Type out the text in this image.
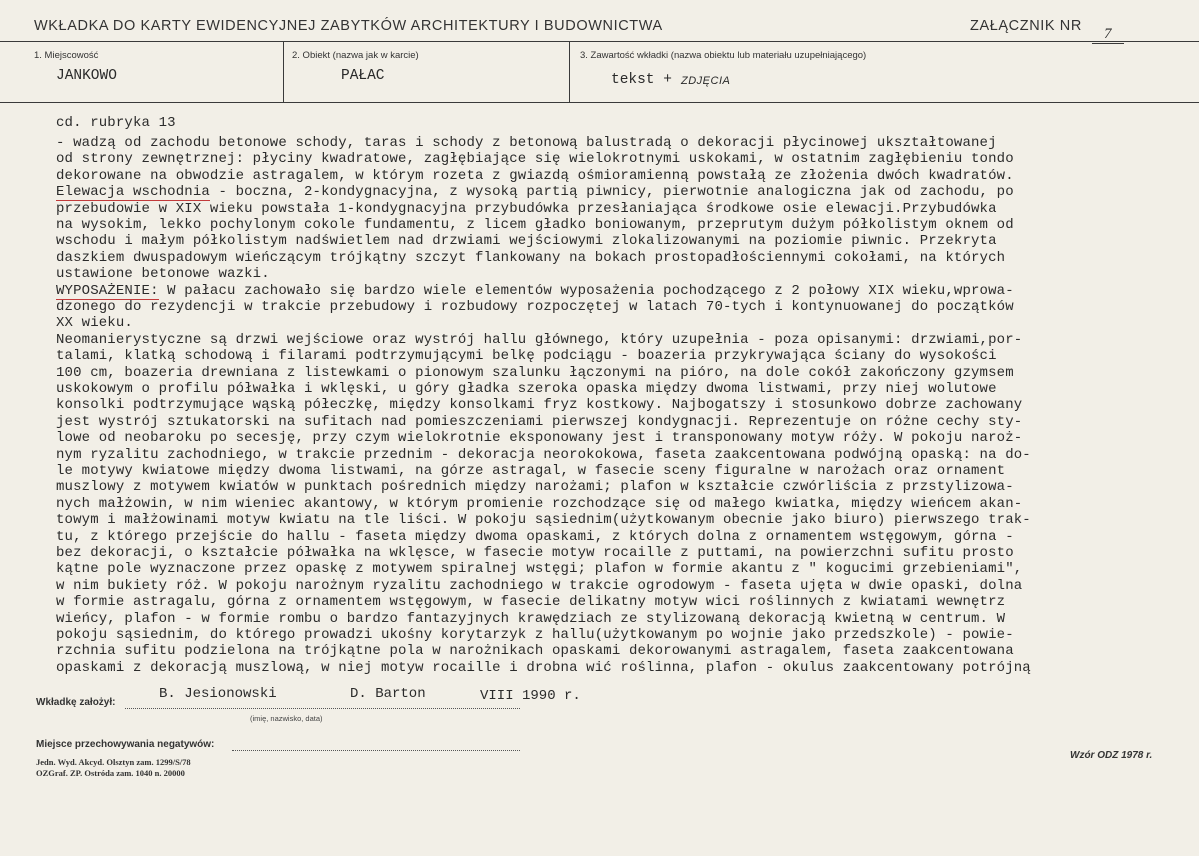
WKŁADKA DO KARTY EWIDENCYJNEJ ZABYTKÓW ARCHITEKTURY I BUDOWNICTWA	ZAŁĄCZNIK NR 7
1. Miejscowość
JANKOWO
2. Obiekt (nazwa jak w karcie)
PAŁAC
3. Zawartość wkładki (nazwa obiektu lub materiału uzupełniającego)
tekst + ZDJĘCIA
cd. rubryka 13
- wadzą od zachodu betonowe schody, taras i schody z betonową balustradą o dekoracji płycinowej ukształtowanej
od strony zewnętrznej: płyciny kwadratowe, zagłębiające się wielokrotnymi uskokami, w ostatnim zagłębieniu tondo
dekorowane na obwodzie astragalem, w którym rozeta z gwiazdą ośmioramienną powstałą ze złożenia dwóch kwadratów.
Elewacja wschodnia - boczna, 2-kondygnacyjna, z wysoką partią piwnicy, pierwotnie analogiczna jak od zachodu, po
przebudowie w XIX wieku powstała 1-kondygnacyjna przybudówka przesłaniająca środkowe osie elewacji.Przybudówka
na wysokim, lekko pochylonym cokole fundamentu, z licem gładko boniowanym, przeprutym dużym półkolistym oknem od
wschodu i małym półkolistym nadświetlem nad drzwiami wejściowymi zlokalizowanymi na poziomie piwnic. Przekryta
daszkiem dwuspadowym wieńczącym trójkątny szczyt flankowany na bokach prostopadłościennymi cokołami, na których
ustawione betonowe wazki.
WYPOSAŻENIE: W pałacu zachowało się bardzo wiele elementów wyposażenia pochodzącego z 2 połowy XIX wieku,wprowa-
dzonego do rezydencji w trakcie przebudowy i rozbudowy rozpoczętej w latach 70-tych i kontynuowanej do początków
XX wieku.
Neomanierystyczne są drzwi wejściowe oraz wystrój hallu głównego, który uzupełnia - poza opisanymi: drzwiami,por-
talami, klatką schodową i filarami podtrzymującymi belkę podciągu - boazeria przykrywająca ściany do wysokości
100 cm, boazeria drewniana z listewkami o pionowym szalunku łączonymi na pióro, na dole cokół zakończony gzymsem
uskokowym o profilu półwałka i wklęski, u góry gładka szeroka opaska między dwoma listwami, przy niej wolutowe
konsolki podtrzymujące wąską półeczkę, między konsolkami fryz kostkowy. Najbogatszy i stosunkowo dobrze zachowany
jest wystrój sztukatorski na sufitach nad pomieszczeniami pierwszej kondygnacji. Reprezentuje on różne cechy sty-
lowe od neobaroku po secesję, przy czym wielokrotnie eksponowany jest i transponowany motyw róży. W pokoju naroż-
nym ryzalitu zachodniego, w trakcie przednim - dekoracja neorokokowa, faseta zaakcentowana podwójną opaską: na do-
le motywy kwiatowe między dwoma listwami, na górze astragal, w fasecie sceny figuralne w narożach oraz ornament
muszlowy z motywem kwiatów w punktach pośrednich między narożami; plafon w kształcie czwórliścia z przstylizowa-
nych małżowin, w nim wieniec akantowy, w którym promienie rozchodzące się od małego kwiatka, między wieńcem akan-
towym i małżowinami motyw kwiatu na tle liści. W pokoju sąsiednim(użytkowanym obecnie jako biuro) pierwszego trak-
tu, z którego przejście do hallu - faseta między dwoma opaskami, z których dolna z ornamentem wstęgowym, górna -
bez dekoracji, o kształcie półwałka na wklęsce, w fasecie motyw rocaille z puttami, na powierzchni sufitu prosto
kątne pole wyznaczone przez opaskę z motywem spiralnej wstęgi; plafon w formie akantu z " kogucimi grzebieniami",
w nim bukiety róż. W pokoju narożnym ryzalitu zachodniego w trakcie ogrodowym - faseta ujęta w dwie opaski, dolna
w formie astragalu, górna z ornamentem wstęgowym, w fasecie delikatny motyw wici roślinnych z kwiatami wewnętrz
wieńcy, plafon - w formie rombu o bardzo fantazyjnych krawędziach ze stylizowaną dekoracją kwietną w centrum. W
pokoju sąsiednim, do którego prowadzi ukośny korytarzyk z hallu(użytkowanym po wojnie jako przedszkole) - powie-
rzchnia sufitu podzielona na trójkątne pola w narożnikach opaskami dekorowanymi astragalem, faseta zaakcentowana
opaskami z dekoracją muszlową, w niej motyw rocaille i drobna wić roślinna, plafon - okulus zaakcentowany potrójną
Wkładkę założył:
B. Jesionowski	D. Barton	VIII 1990 r.
(imię, nazwisko, data)
Miejsce przechowywania negatywów:
Jedn. Wyd. Akcyd. Olsztyn zam. 1299/S/78
OZGraf. ZP. Ostróda zam. 1040 n. 20000
Wzór ODZ 1978 r.
